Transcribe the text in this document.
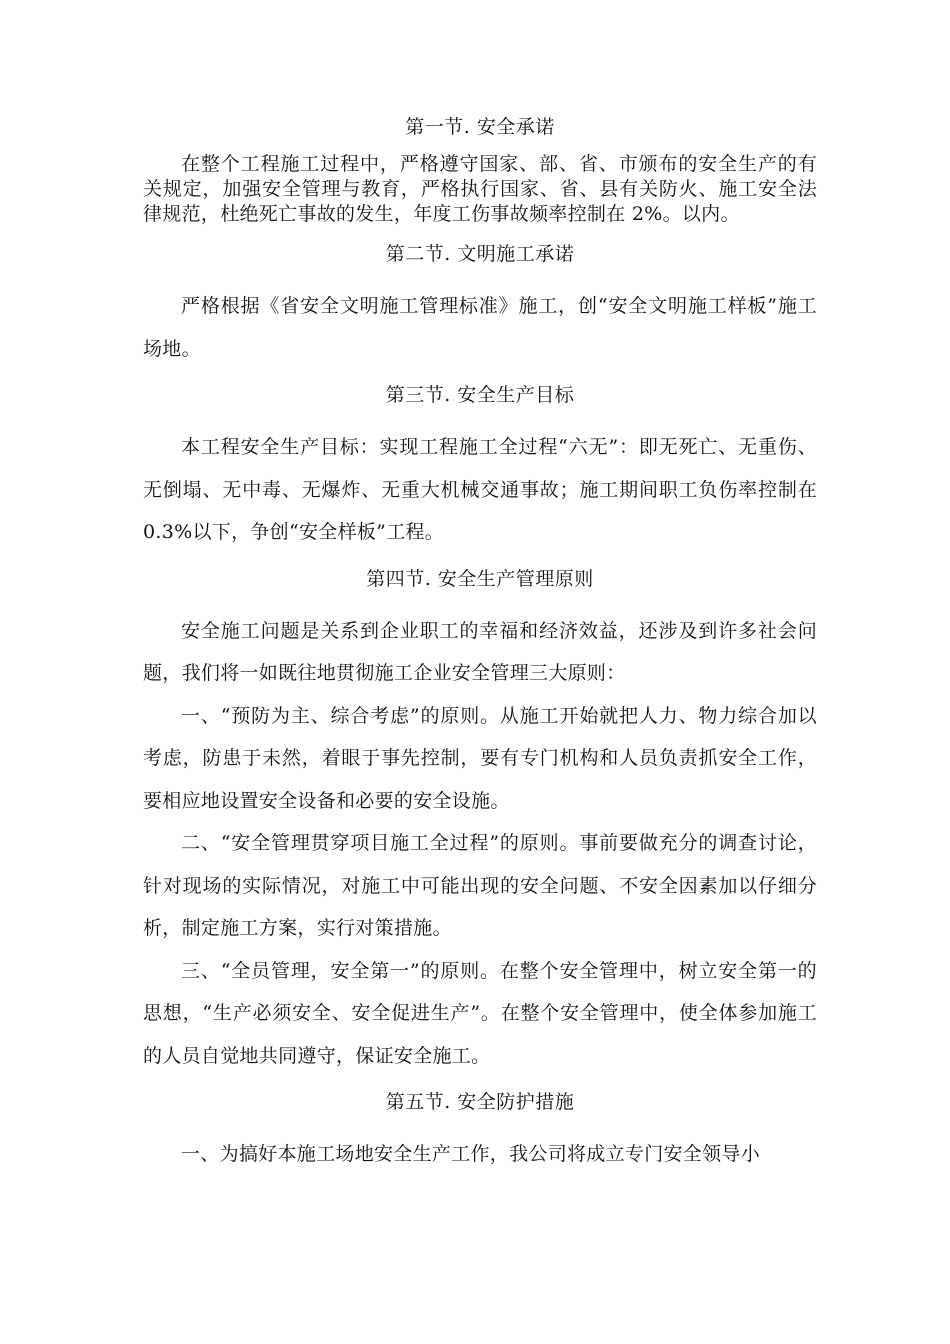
第一节. 安全承诺

在整个工程施工过程中，严格遵守国家、部、省、市颁布的安全生产的有关规定，加强安全管理与教育，严格执行国家、省、县有关防火、施工安全法律规范，杜绝死亡事故的发生，年度工伤事故频率控制在 2%。以内。

第二节. 文明施工承诺

严格根据《省安全文明施工管理标准》施工，创“安全文明施工样板”施工场地。

第三节. 安全生产目标

本工程安全生产目标：实现工程施工全过程“六无”：即无死亡、无重伤、无倒塌、无中毒、无爆炸、无重大机械交通事故；施工期间职工负伤率控制在 0.3%以下，争创“安全样板”工程。

第四节. 安全生产管理原则

安全施工问题是关系到企业职工的幸福和经济效益，还涉及到许多社会问题，我们将一如既往地贯彻施工企业安全管理三大原则：

一、“预防为主、综合考虑”的原则。从施工开始就把人力、物力综合加以考虑，防患于未然，着眼于事先控制，要有专门机构和人员负责抓安全工作，要相应地设置安全设备和必要的安全设施。

二、“安全管理贯穿项目施工全过程”的原则。事前要做充分的调查讨论，针对现场的实际情况，对施工中可能出现的安全问题、不安全因素加以仔细分析，制定施工方案，实行对策措施。

三、“全员管理，安全第一”的原则。在整个安全管理中，树立安全第一的思想，“生产必须安全、安全促进生产”。在整个安全管理中，使全体参加施工的人员自觉地共同遵守，保证安全施工。

第五节. 安全防护措施

一、为搞好本施工场地安全生产工作，我公司将成立专门安全领导小
